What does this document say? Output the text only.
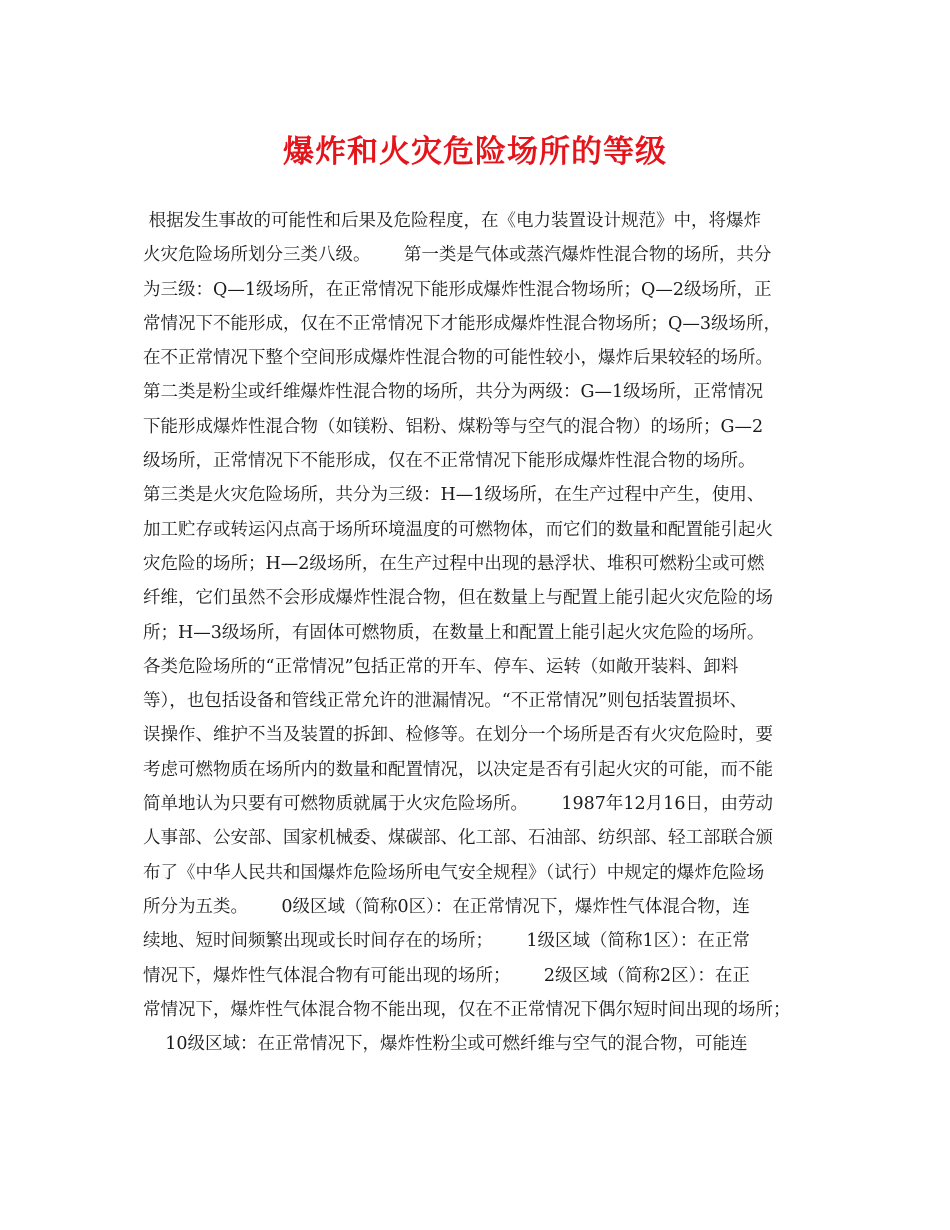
爆炸和火灾危险场所的等级
根据发生事故的可能性和后果及危险程度，在《电力装置设计规范》中，将爆炸
火灾危险场所划分三类八级。      第一类是气体或蒸汽爆炸性混合物的场所，共分
为三级：Q—1级场所，在正常情况下能形成爆炸性混合物场所；Q—2级场所，正
常情况下不能形成，仅在不正常情况下才能形成爆炸性混合物场所；Q—3级场所，
在不正常情况下整个空间形成爆炸性混合物的可能性较小，爆炸后果较轻的场所。
第二类是粉尘或纤维爆炸性混合物的场所，共分为两级：G—1级场所，正常情况
下能形成爆炸性混合物（如镁粉、铝粉、煤粉等与空气的混合物）的场所；G—2
级场所，正常情况下不能形成，仅在不正常情况下能形成爆炸性混合物的场所。
第三类是火灾危险场所，共分为三级：H—1级场所，在生产过程中产生，使用、
加工贮存或转运闪点高于场所环境温度的可燃物体，而它们的数量和配置能引起火
灾危险的场所；H—2级场所，在生产过程中出现的悬浮状、堆积可燃粉尘或可燃
纤维，它们虽然不会形成爆炸性混合物，但在数量上与配置上能引起火灾危险的场
所；H—3级场所，有固体可燃物质，在数量上和配置上能引起火灾危险的场所。
各类危险场所的“正常情况”包括正常的开车、停车、运转（如敞开装料、卸料
等），也包括设备和管线正常允许的泄漏情况。“不正常情况”则包括装置损坏、
误操作、维护不当及装置的拆卸、检修等。在划分一个场所是否有火灾危险时，要
考虑可燃物质在场所内的数量和配置情况，以决定是否有引起火灾的可能，而不能
简单地认为只要有可燃物质就属于火灾危险场所。      1987年12月16日，由劳动
人事部、公安部、国家机械委、煤碳部、化工部、石油部、纺织部、轻工部联合颁
布了《中华人民共和国爆炸危险场所电气安全规程》（试行）中规定的爆炸危险场
所分为五类。      0级区域（简称0区）：在正常情况下，爆炸性气体混合物，连
续地、短时间频繁出现或长时间存在的场所；      1级区域（简称1区）：在正常
情况下，爆炸性气体混合物有可能出现的场所；      2级区域（简称2区）：在正
常情况下，爆炸性气体混合物不能出现，仅在不正常情况下偶尔短时间出现的场所；
10级区域：在正常情况下，爆炸性粉尘或可燃纤维与空气的混合物，可能连
